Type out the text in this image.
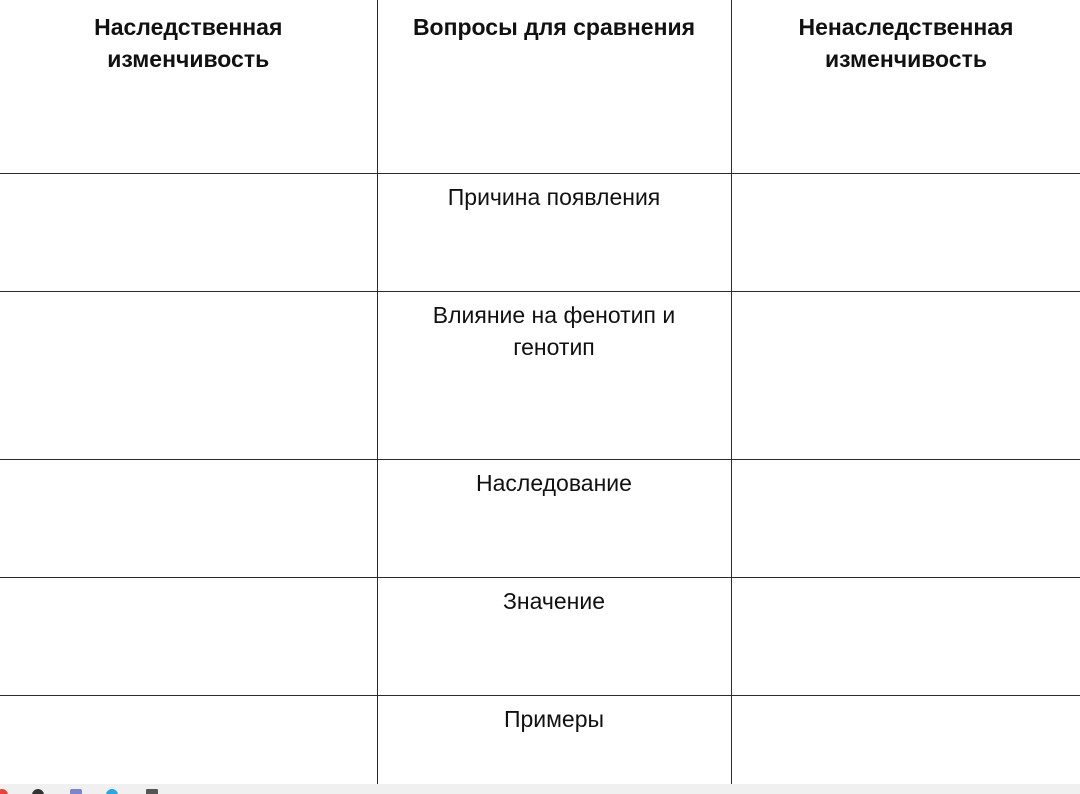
Наследственная изменчивость	Вопросы для сравнения	Ненаследственная изменчивость
	Причина появления	
	Влияние на фенотип и генотип	
	Наследование	
	Значение	
	Примеры	
